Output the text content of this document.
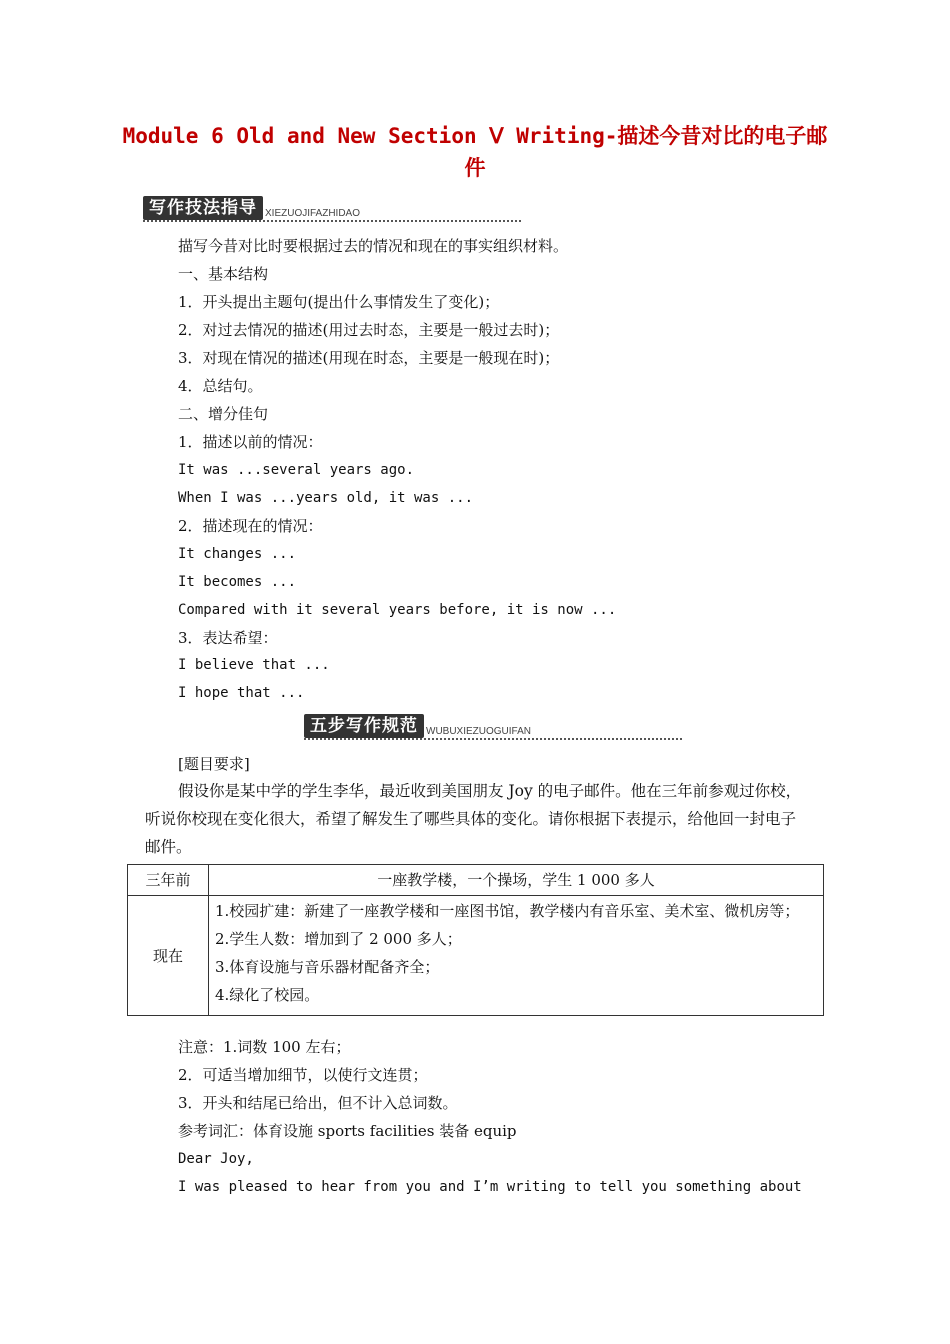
Module 6 Old and New Section Ⅴ Writing-描述今昔对比的电子邮件
写作技法指导 XIEZUOJIFAZHIDAO
描写今昔对比时要根据过去的情况和现在的事实组织材料。
一、基本结构
1．开头提出主题句(提出什么事情发生了变化)；
2．对过去情况的描述(用过去时态，主要是一般过去时)；
3．对现在情况的描述(用现在时态，主要是一般现在时)；
4．总结句。
二、增分佳句
1．描述以前的情况：
It was ...several years ago.
When I was ...years old, it was ...
2．描述现在的情况：
It changes ...
It becomes ...
Compared with it several years before, it is now ...
3．表达希望：
I believe that ...
I hope that ...
五步写作规范 WUBUXIEZUOGUIFAN
[题目要求]
假设你是某中学的学生李华，最近收到美国朋友 Joy 的电子邮件。他在三年前参观过你校，听说你校现在变化很大，希望了解发生了哪些具体的变化。请你根据下表提示，给他回一封电子邮件。
三年前	一座教学楼，一个操场，学生 1 000 多人
现在	1.校园扩建：新建了一座教学楼和一座图书馆，教学楼内有音乐室、美术室、微机房等；
2.学生人数：增加到了 2 000 多人；
3.体育设施与音乐器材配备齐全；
4.绿化了校园。
注意：1.词数 100 左右；
2．可适当增加细节，以使行文连贯；
3．开头和结尾已给出，但不计入总词数。
参考词汇：体育设施 sports facilities 装备 equip
Dear Joy,
I was pleased to hear from you and I’m writing to tell you something about
